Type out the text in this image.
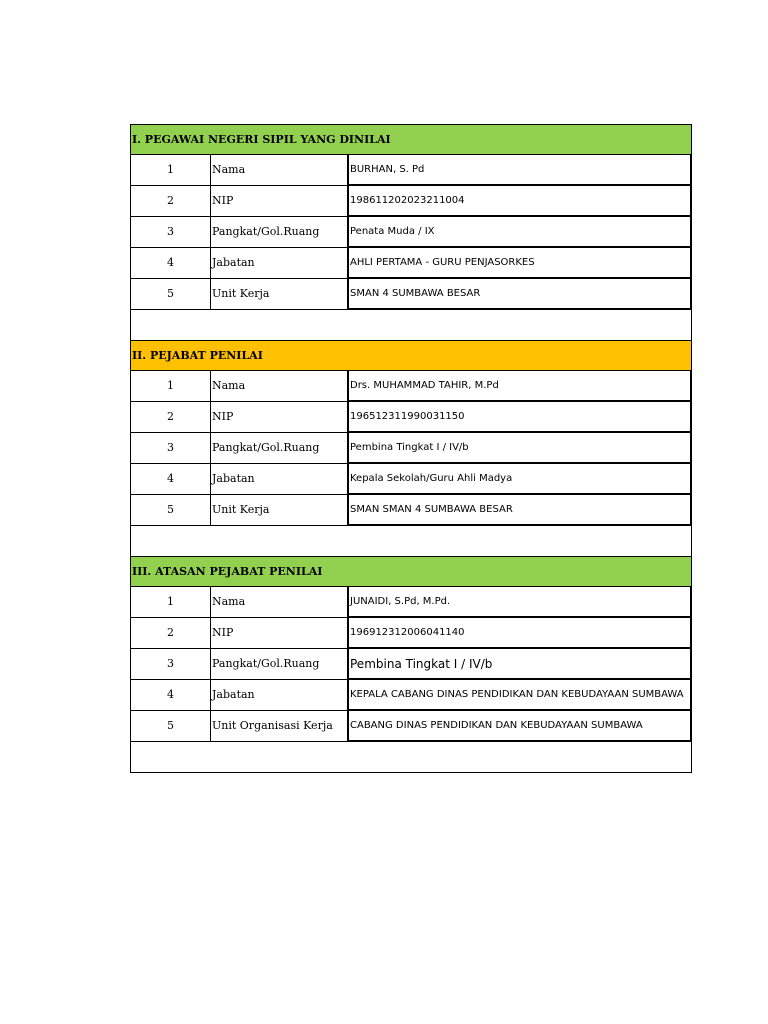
I. PEGAWAI NEGERI SIPIL YANG DINILAI
1	Nama	BURHAN, S. Pd
2	NIP	198611202023211004
3	Pangkat/Gol.Ruang	Penata Muda / IX
4	Jabatan	AHLI PERTAMA - GURU PENJASORKES
5	Unit Kerja	SMAN 4 SUMBAWA BESAR
II. PEJABAT PENILAI
1	Nama	Drs. MUHAMMAD TAHIR, M.Pd
2	NIP	196512311990031150
3	Pangkat/Gol.Ruang	Pembina Tingkat I / IV/b
4	Jabatan	Kepala Sekolah/Guru Ahli Madya
5	Unit Kerja	SMAN SMAN 4 SUMBAWA BESAR
III. ATASAN PEJABAT PENILAI
1	Nama	JUNAIDI, S.Pd, M.Pd.
2	NIP	196912312006041140
3	Pangkat/Gol.Ruang	Pembina Tingkat I / IV/b
4	Jabatan	KEPALA CABANG DINAS PENDIDIKAN DAN KEBUDAYAAN SUMBAWA
5	Unit Organisasi Kerja	CABANG DINAS PENDIDIKAN DAN KEBUDAYAAN SUMBAWA
